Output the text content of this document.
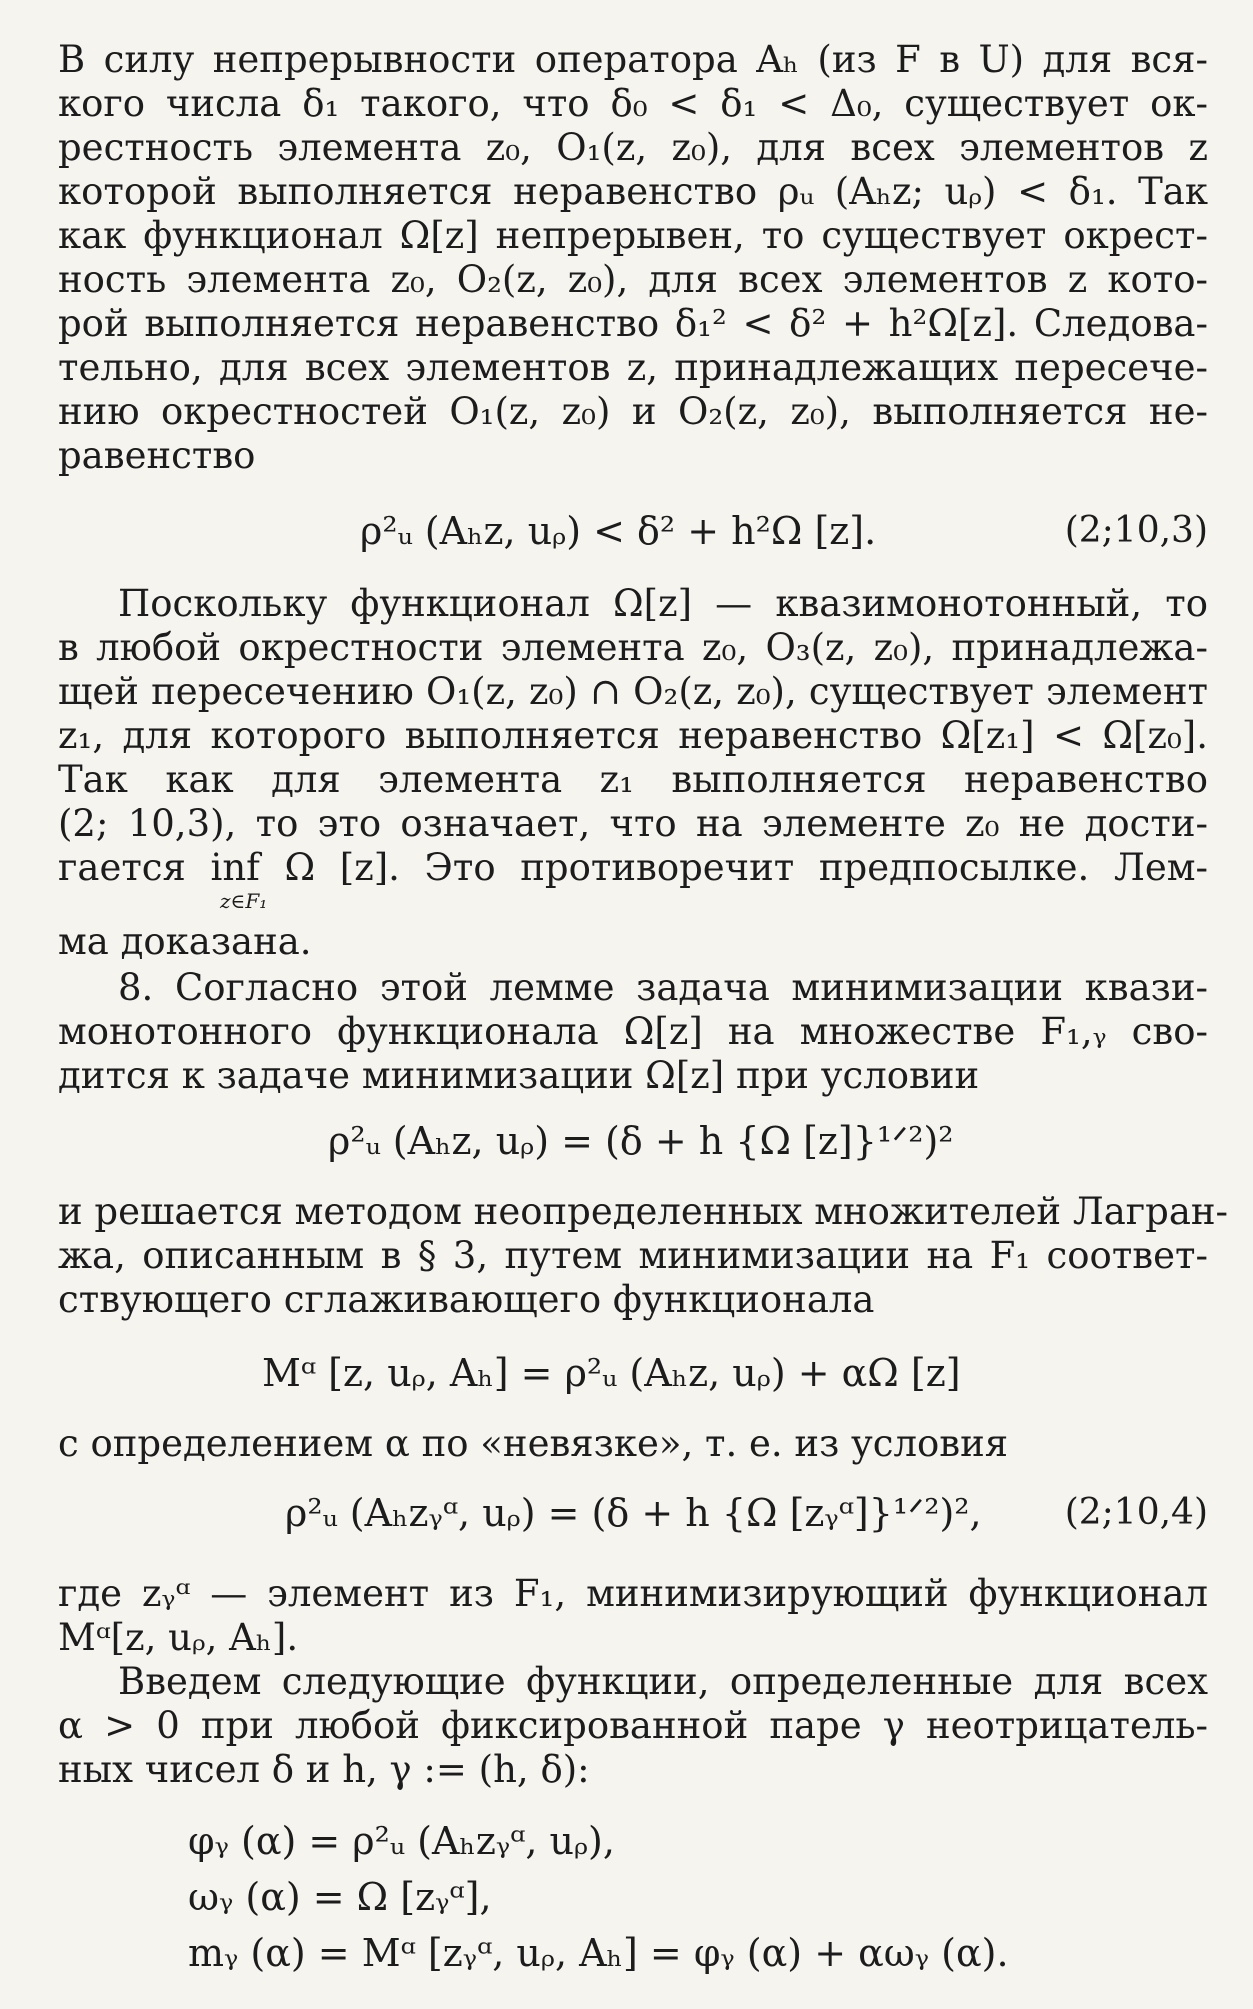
В силу непрерывности оператора Aₕ (из F в U) для вся-
кого числа δ₁ такого, что δ₀ < δ₁ < Δ₀, существует ок-
рестность элемента z₀, O₁(z, z₀), для всех элементов z
которой выполняется неравенство ρᵤ (Aₕz; uᵨ) < δ₁. Так
как функционал Ω[z] непрерывен, то существует окрест-
ность элемента z₀, O₂(z, z₀), для всех элементов z кото-
рой выполняется неравенство δ₁² < δ² + h²Ω[z]. Следова-
тельно, для всех элементов z, принадлежащих пересече-
нию окрестностей O₁(z, z₀) и O₂(z, z₀), выполняется не-
равенство
ρ²ᵤ (Aₕz, uᵨ) < δ² + h²Ω [z].	(2;10,3)
Поскольку функционал Ω[z] — квазимонотонный, то
в любой окрестности элемента z₀, O₃(z, z₀), принадлежа-
щей пересечению O₁(z, z₀) ∩ O₂(z, z₀), существует элемент
z₁, для которого выполняется неравенство Ω[z₁] < Ω[z₀].
Так как для элемента z₁ выполняется неравенство
(2; 10,3), то это означает, что на элементе z₀ не дости-
гается inf Ω [z]. Это противоречит предпосылке. Лем-
z∈F₁
ма доказана.
8. Согласно этой лемме задача минимизации квази-
монотонного функционала Ω[z] на множестве F₁,ᵧ сво-
дится к задаче минимизации Ω[z] при условии
ρ²ᵤ (Aₕz, uᵨ) = (δ + h {Ω [z]}¹ᐟ²)²
и решается методом неопределенных множителей Лагран-
жа, описанным в § 3, путем минимизации на F₁ соответ-
ствующего сглаживающего функционала
Mᵅ [z, uᵨ, Aₕ] = ρ²ᵤ (Aₕz, uᵨ) + αΩ [z]
с определением α по «невязке», т. е. из условия
ρ²ᵤ (Aₕzᵧᵅ, uᵨ) = (δ + h {Ω [zᵧᵅ]}¹ᐟ²)², (2;10,4)
где zᵧᵅ — элемент из F₁, минимизирующий функционал
Mᵅ[z, uᵨ, Aₕ].
Введем следующие функции, определенные для всех
α > 0 при любой фиксированной паре γ неотрицатель-
ных чисел δ и h, γ := (h, δ):
φᵧ (α) = ρ²ᵤ (Aₕzᵧᵅ, uᵨ),
ωᵧ (α) = Ω [zᵧᵅ],
mᵧ (α) = Mᵅ [zᵧᵅ, uᵨ, Aₕ] = φᵧ (α) + αωᵧ (α).
